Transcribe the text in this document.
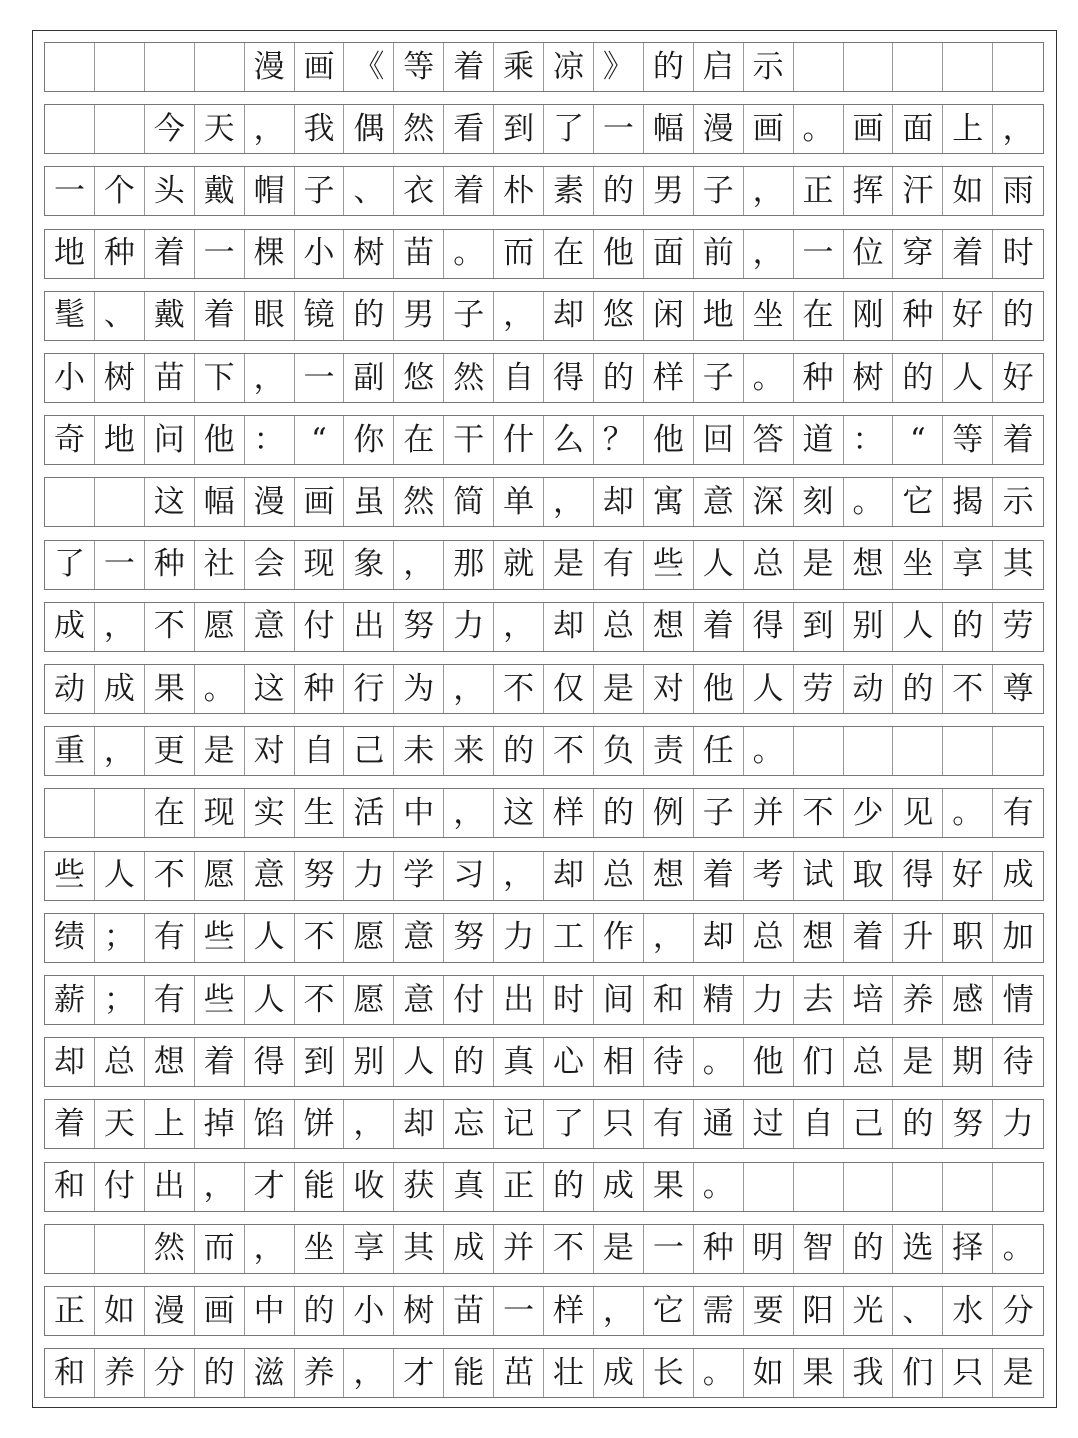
漫 画 《 等 着 乘 凉 》 的 启 示
今 天 ， 我 偶 然 看 到 了 一 幅 漫 画 。 画 面 上 ，
一 个 头 戴 帽 子 、 衣 着 朴 素 的 男 子 ， 正 挥 汗 如 雨
地 种 着 一 棵 小 树 苗 。 而 在 他 面 前 ， 一 位 穿 着 时
髦 、 戴 着 眼 镜 的 男 子 ， 却 悠 闲 地 坐 在 刚 种 好 的
小 树 苗 下 ， 一 副 悠 然 自 得 的 样 子 。 种 树 的 人 好
奇 地 问 他 ： “ 你 在 干 什 么 ？ 他 回 答 道 ： “ 等 着
这 幅 漫 画 虽 然 简 单 ， 却 寓 意 深 刻 。 它 揭 示
了 一 种 社 会 现 象 ， 那 就 是 有 些 人 总 是 想 坐 享 其
成 ， 不 愿 意 付 出 努 力 ， 却 总 想 着 得 到 别 人 的 劳
动 成 果 。 这 种 行 为 ， 不 仅 是 对 他 人 劳 动 的 不 尊
重 ， 更 是 对 自 己 未 来 的 不 负 责 任 。
在 现 实 生 活 中 ， 这 样 的 例 子 并 不 少 见 。 有
些 人 不 愿 意 努 力 学 习 ， 却 总 想 着 考 试 取 得 好 成
绩 ； 有 些 人 不 愿 意 努 力 工 作 ， 却 总 想 着 升 职 加
薪 ； 有 些 人 不 愿 意 付 出 时 间 和 精 力 去 培 养 感 情
却 总 想 着 得 到 别 人 的 真 心 相 待 。 他 们 总 是 期 待
着 天 上 掉 馅 饼 ， 却 忘 记 了 只 有 通 过 自 己 的 努 力
和 付 出 ， 才 能 收 获 真 正 的 成 果 。
然 而 ， 坐 享 其 成 并 不 是 一 种 明 智 的 选 择 。
正 如 漫 画 中 的 小 树 苗 一 样 ， 它 需 要 阳 光 、 水 分
和 养 分 的 滋 养 ， 才 能 茁 壮 成 长 。 如 果 我 们 只 是
